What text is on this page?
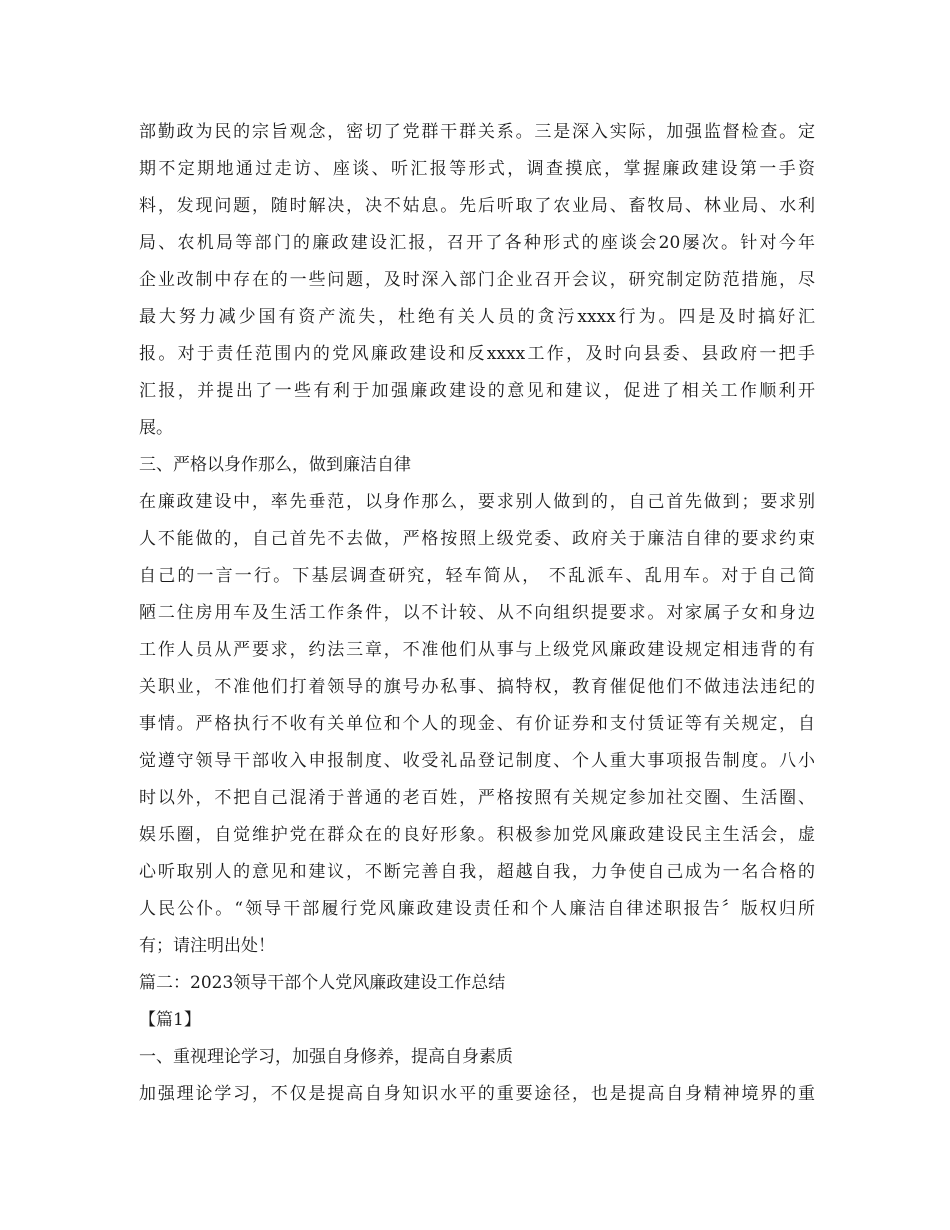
部勤政为民的宗旨观念，密切了党群干群关系。三是深入实际，加强监督检查。定
期不定期地通过走访、座谈、听汇报等形式，调查摸底，掌握廉政建设第一手资
料，发现问题，随时解决，决不姑息。先后听取了农业局、畜牧局、林业局、水利
局、农机局等部门的廉政建设汇报，召开了各种形式的座谈会20屡次。针对今年
企业改制中存在的一些问题，及时深入部门企业召开会议，研究制定防范措施，尽
最大努力减少国有资产流失，杜绝有关人员的贪污xxxx行为。四是及时搞好汇
报。对于责任范围内的党风廉政建设和反xxxx工作，及时向县委、县政府一把手
汇报，并提出了一些有利于加强廉政建设的意见和建议，促进了相关工作顺利开
展。
三、严格以身作那么，做到廉洁自律
在廉政建设中，率先垂范，以身作那么，要求别人做到的，自己首先做到；要求别
人不能做的，自己首先不去做，严格按照上级党委、政府关于廉洁自律的要求约束
自己的一言一行。下基层调查研究，轻车简从， 不乱派车、乱用车。对于自己简
陋二住房用车及生活工作条件，以不计较、从不向组织提要求。对家属子女和身边
工作人员从严要求，约法三章，不准他们从事与上级党风廉政建设规定相违背的有
关职业，不准他们打着领导的旗号办私事、搞特权，教育催促他们不做违法违纪的
事情。严格执行不收有关单位和个人的现金、有价证券和支付赁证等有关规定，自
觉遵守领导干部收入申报制度、收受礼品登记制度、个人重大事项报告制度。八小
时以外，不把自己混淆于普通的老百姓，严格按照有关规定参加社交圈、生活圈、
娱乐圈，自觉维护党在群众在的良好形象。积极参加党风廉政建设民主生活会，虚
心听取别人的意见和建议，不断完善自我，超越自我，力争使自己成为一名合格的
人民公仆。“领导干部履行党风廉政建设责任和个人廉洁自律述职报告〞版权归所
有；请注明出处！
篇二：2023领导干部个人党风廉政建设工作总结
【篇1】
一、重视理论学习，加强自身修养，提高自身素质
加强理论学习，不仅是提高自身知识水平的重要途径，也是提高自身精神境界的重
